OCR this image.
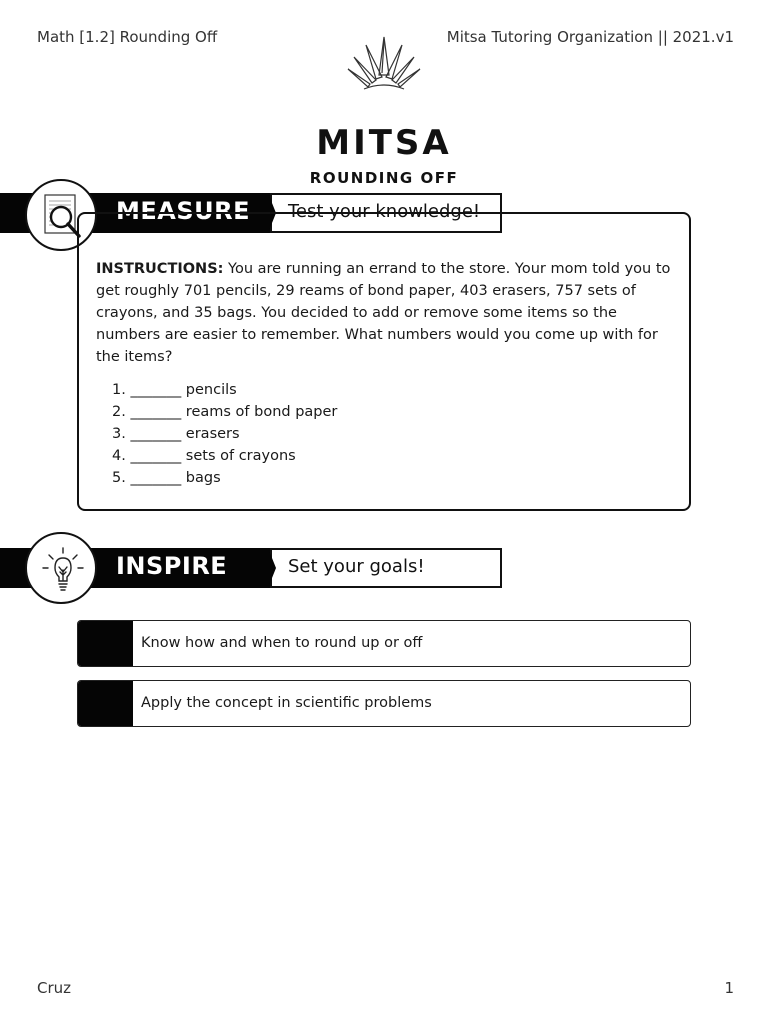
Math [1.2] Rounding Off	Mitsa Tutoring Organization || 2021.v1
MITSA
ROUNDING OFF
MEASURE Test your knowledge!

INSTRUCTIONS: You are running an errand to the store. Your mom told you to get roughly 701 pencils, 29 reams of bond paper, 403 erasers, 757 sets of crayons, and 35 bags. You decided to add or remove some items so the numbers are easier to remember. What numbers would you come up with for the items?

1. _______ pencils
2. _______ reams of bond paper
3. _______ erasers
4. _______ sets of crayons
5. _______ bags
INSPIRE	Set your goals!
Know how and when to round up or off
Apply the concept in scientific problems
Cruz	1
